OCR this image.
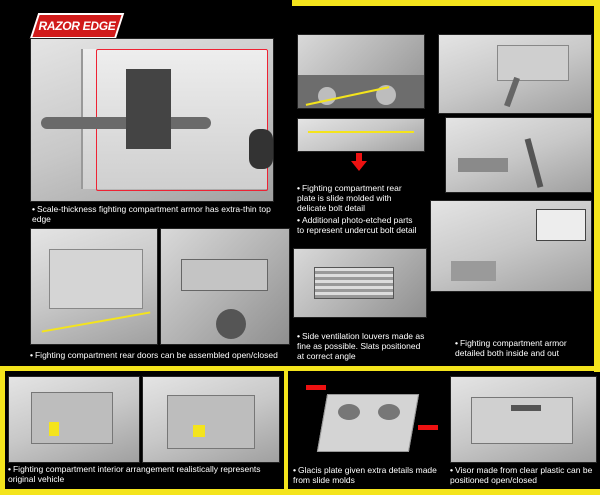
RAZOR EDGE
• Scale-thickness fighting compartment armor has extra-thin top edge
• Fighting compartment rear plate is slide molded with delicate bolt detail
• Additional photo-etched parts to represent undercut bolt detail
• Fighting compartment rear doors can be assembled open/closed
• Side ventilation louvers made as fine as possible. Slats positioned at correct angle
• Fighting compartment armor detailed both inside and out
• Fighting compartment interior arrangement realistically represents original vehicle
• Glacis plate given extra details made from slide molds
• Visor made from clear plastic can be positioned open/closed
